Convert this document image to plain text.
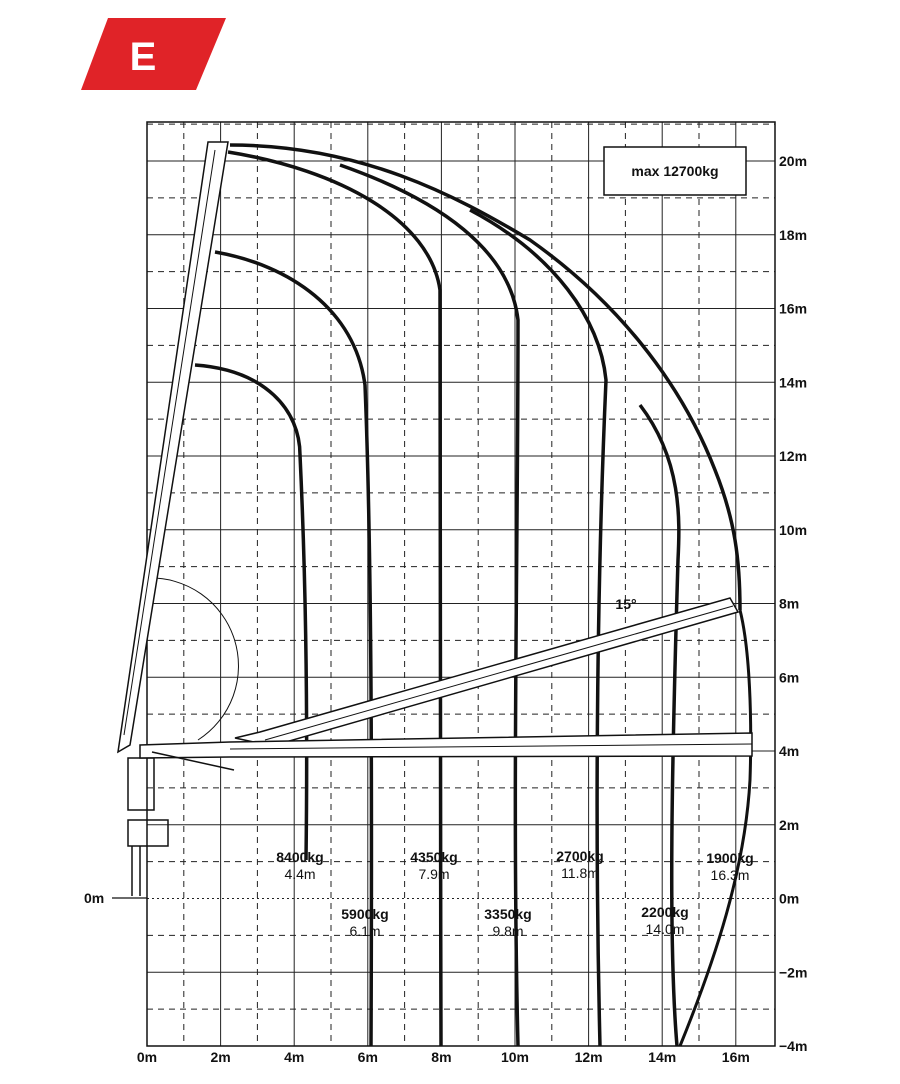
E
max 12700kg
15°
0m	2m	4m	6m	8m	10m	12m	14m	16m
20m
18m
16m
14m
12m
10m
8m
6m
4m
2m
0m
−2m
−4m
0m
8400kg
4.4m
5900kg
6.1m
4350kg
7.9m
3350kg
9.8m
2700kg
11.8m
2200kg
14.0m
1900kg
16.3m
